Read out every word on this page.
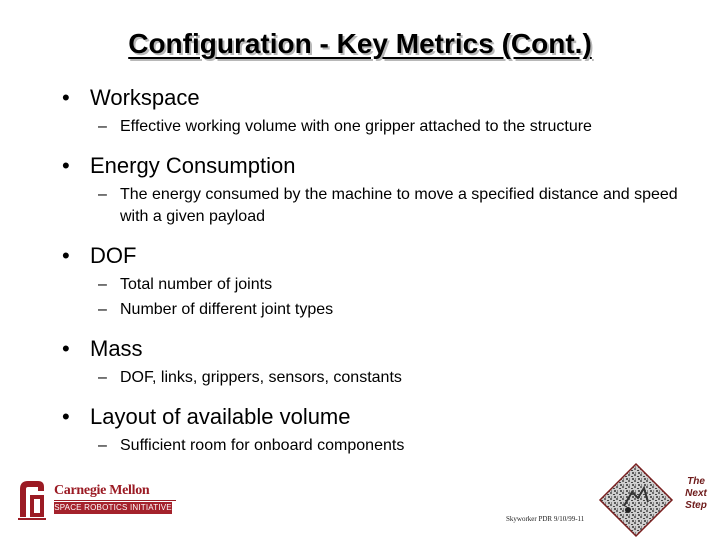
Configuration - Key Metrics (Cont.)
• Workspace
– Effective working volume with one gripper attached to the structure
• Energy Consumption
– The energy consumed by the machine to move a specified distance and speed with a given payload
• DOF
– Total number of joints
– Number of different joint types
• Mass
– DOF, links, grippers, sensors, constants
• Layout of available volume
– Sufficient room for onboard components
Carnegie Mellon
SPACE ROBOTICS INITIATIVE
Skyworker PDR 9/10/99-11
The
Next
Step
